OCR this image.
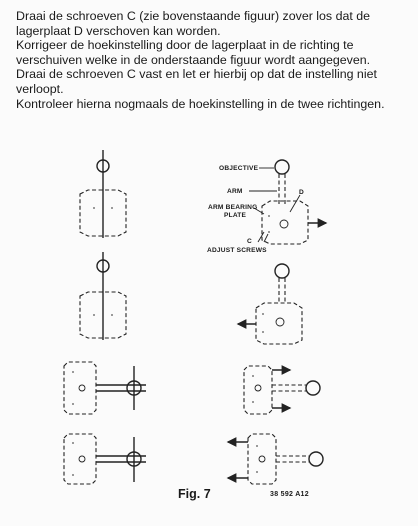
Draai de schroeven C (zie bovenstaande figuur) zover los dat de lagerplaat D verschoven kan worden.

Korrigeer de hoekinstelling door de lagerplaat in de richting te verschuiven welke in de onderstaande figuur wordt aangegeven.

Draai de schroeven C vast en let er hierbij op dat de instelling niet verloopt.

Kontroleer hierna nogmaals de hoekinstelling in de twee richtingen.

OBJECTIVE
ARM	D
ARM BEARING
PLATE
C
ADJUST SCREWS
Fig. 7	38 592 A12
